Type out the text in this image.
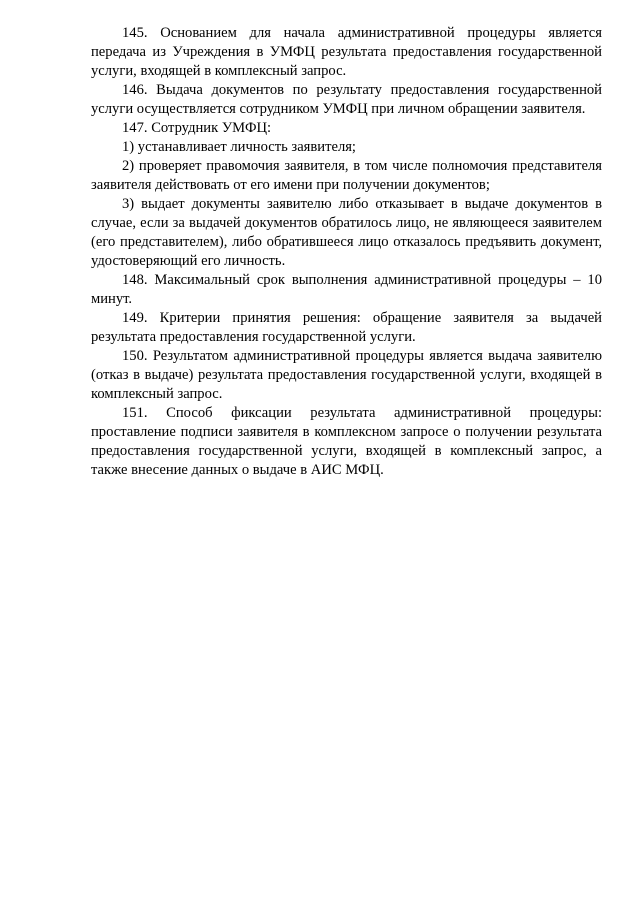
145. Основанием для начала административной процедуры является передача из Учреждения в УМФЦ результата предоставления государственной услуги, входящей в комплексный запрос.

146. Выдача документов по результату предоставления государственной услуги осуществляется сотрудником УМФЦ при личном обращении заявителя.

147. Сотрудник УМФЦ:

1) устанавливает личность заявителя;

2) проверяет правомочия заявителя, в том числе полномочия представителя заявителя действовать от его имени при получении документов;

3) выдает документы заявителю либо отказывает в выдаче документов в случае, если за выдачей документов обратилось лицо, не являющееся заявителем (его представителем), либо обратившееся лицо отказалось предъявить документ, удостоверяющий его личность.

148. Максимальный срок выполнения административной процедуры – 10 минут.

149. Критерии принятия решения: обращение заявителя за выдачей результата предоставления государственной услуги.

150. Результатом административной процедуры является выдача заявителю (отказ в выдаче) результата предоставления государственной услуги, входящей в комплексный запрос.

151. Способ фиксации результата административной процедуры: проставление подписи заявителя в комплексном запросе о получении результата предоставления государственной услуги, входящей в комплексный запрос, а также внесение данных о выдаче в АИС МФЦ.
